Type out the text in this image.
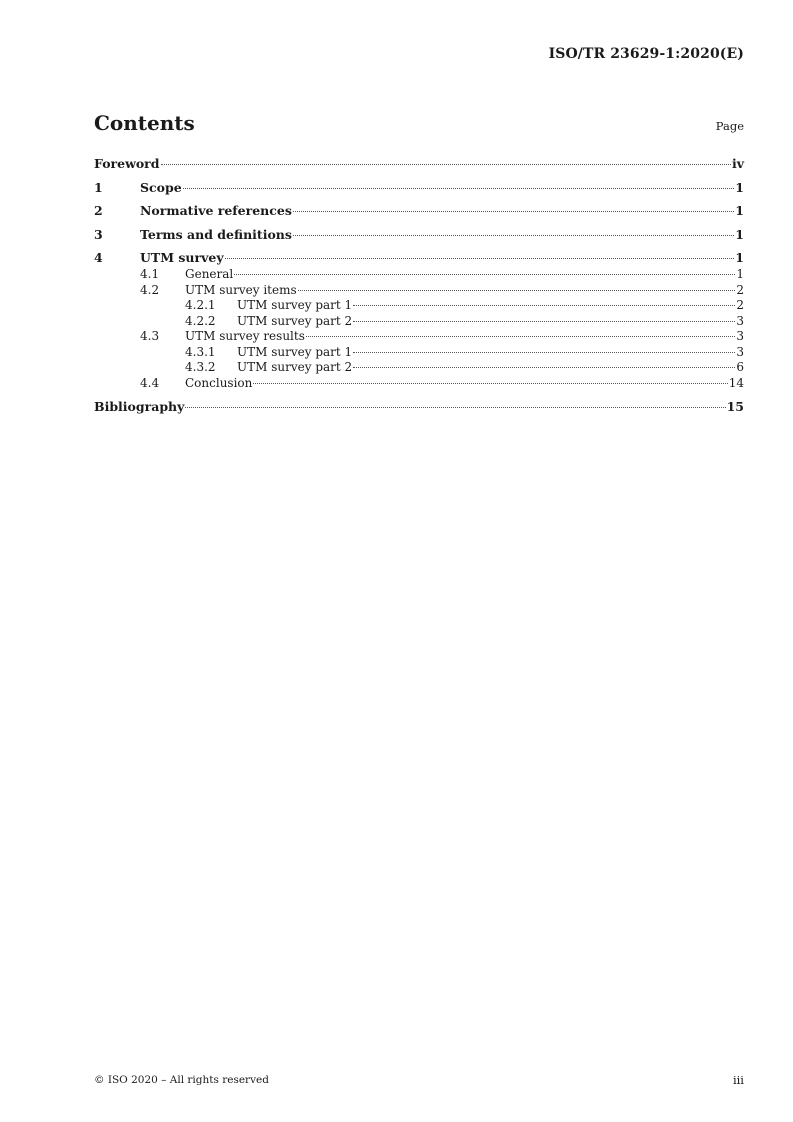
ISO/TR 23629-1:2020(E)
Contents	Page
Foreword	iv
1	Scope	1
2	Normative references	1
3	Terms and definitions	1
4	UTM survey	1
4.1	General	1
4.2	UTM survey items	2
4.2.1	UTM survey part 1	2
4.2.2	UTM survey part 2	3
4.3	UTM survey results	3
4.3.1	UTM survey part 1	3
4.3.2	UTM survey part 2	6
4.4	Conclusion	14
Bibliography	15
© ISO 2020 – All rights reserved	iii
